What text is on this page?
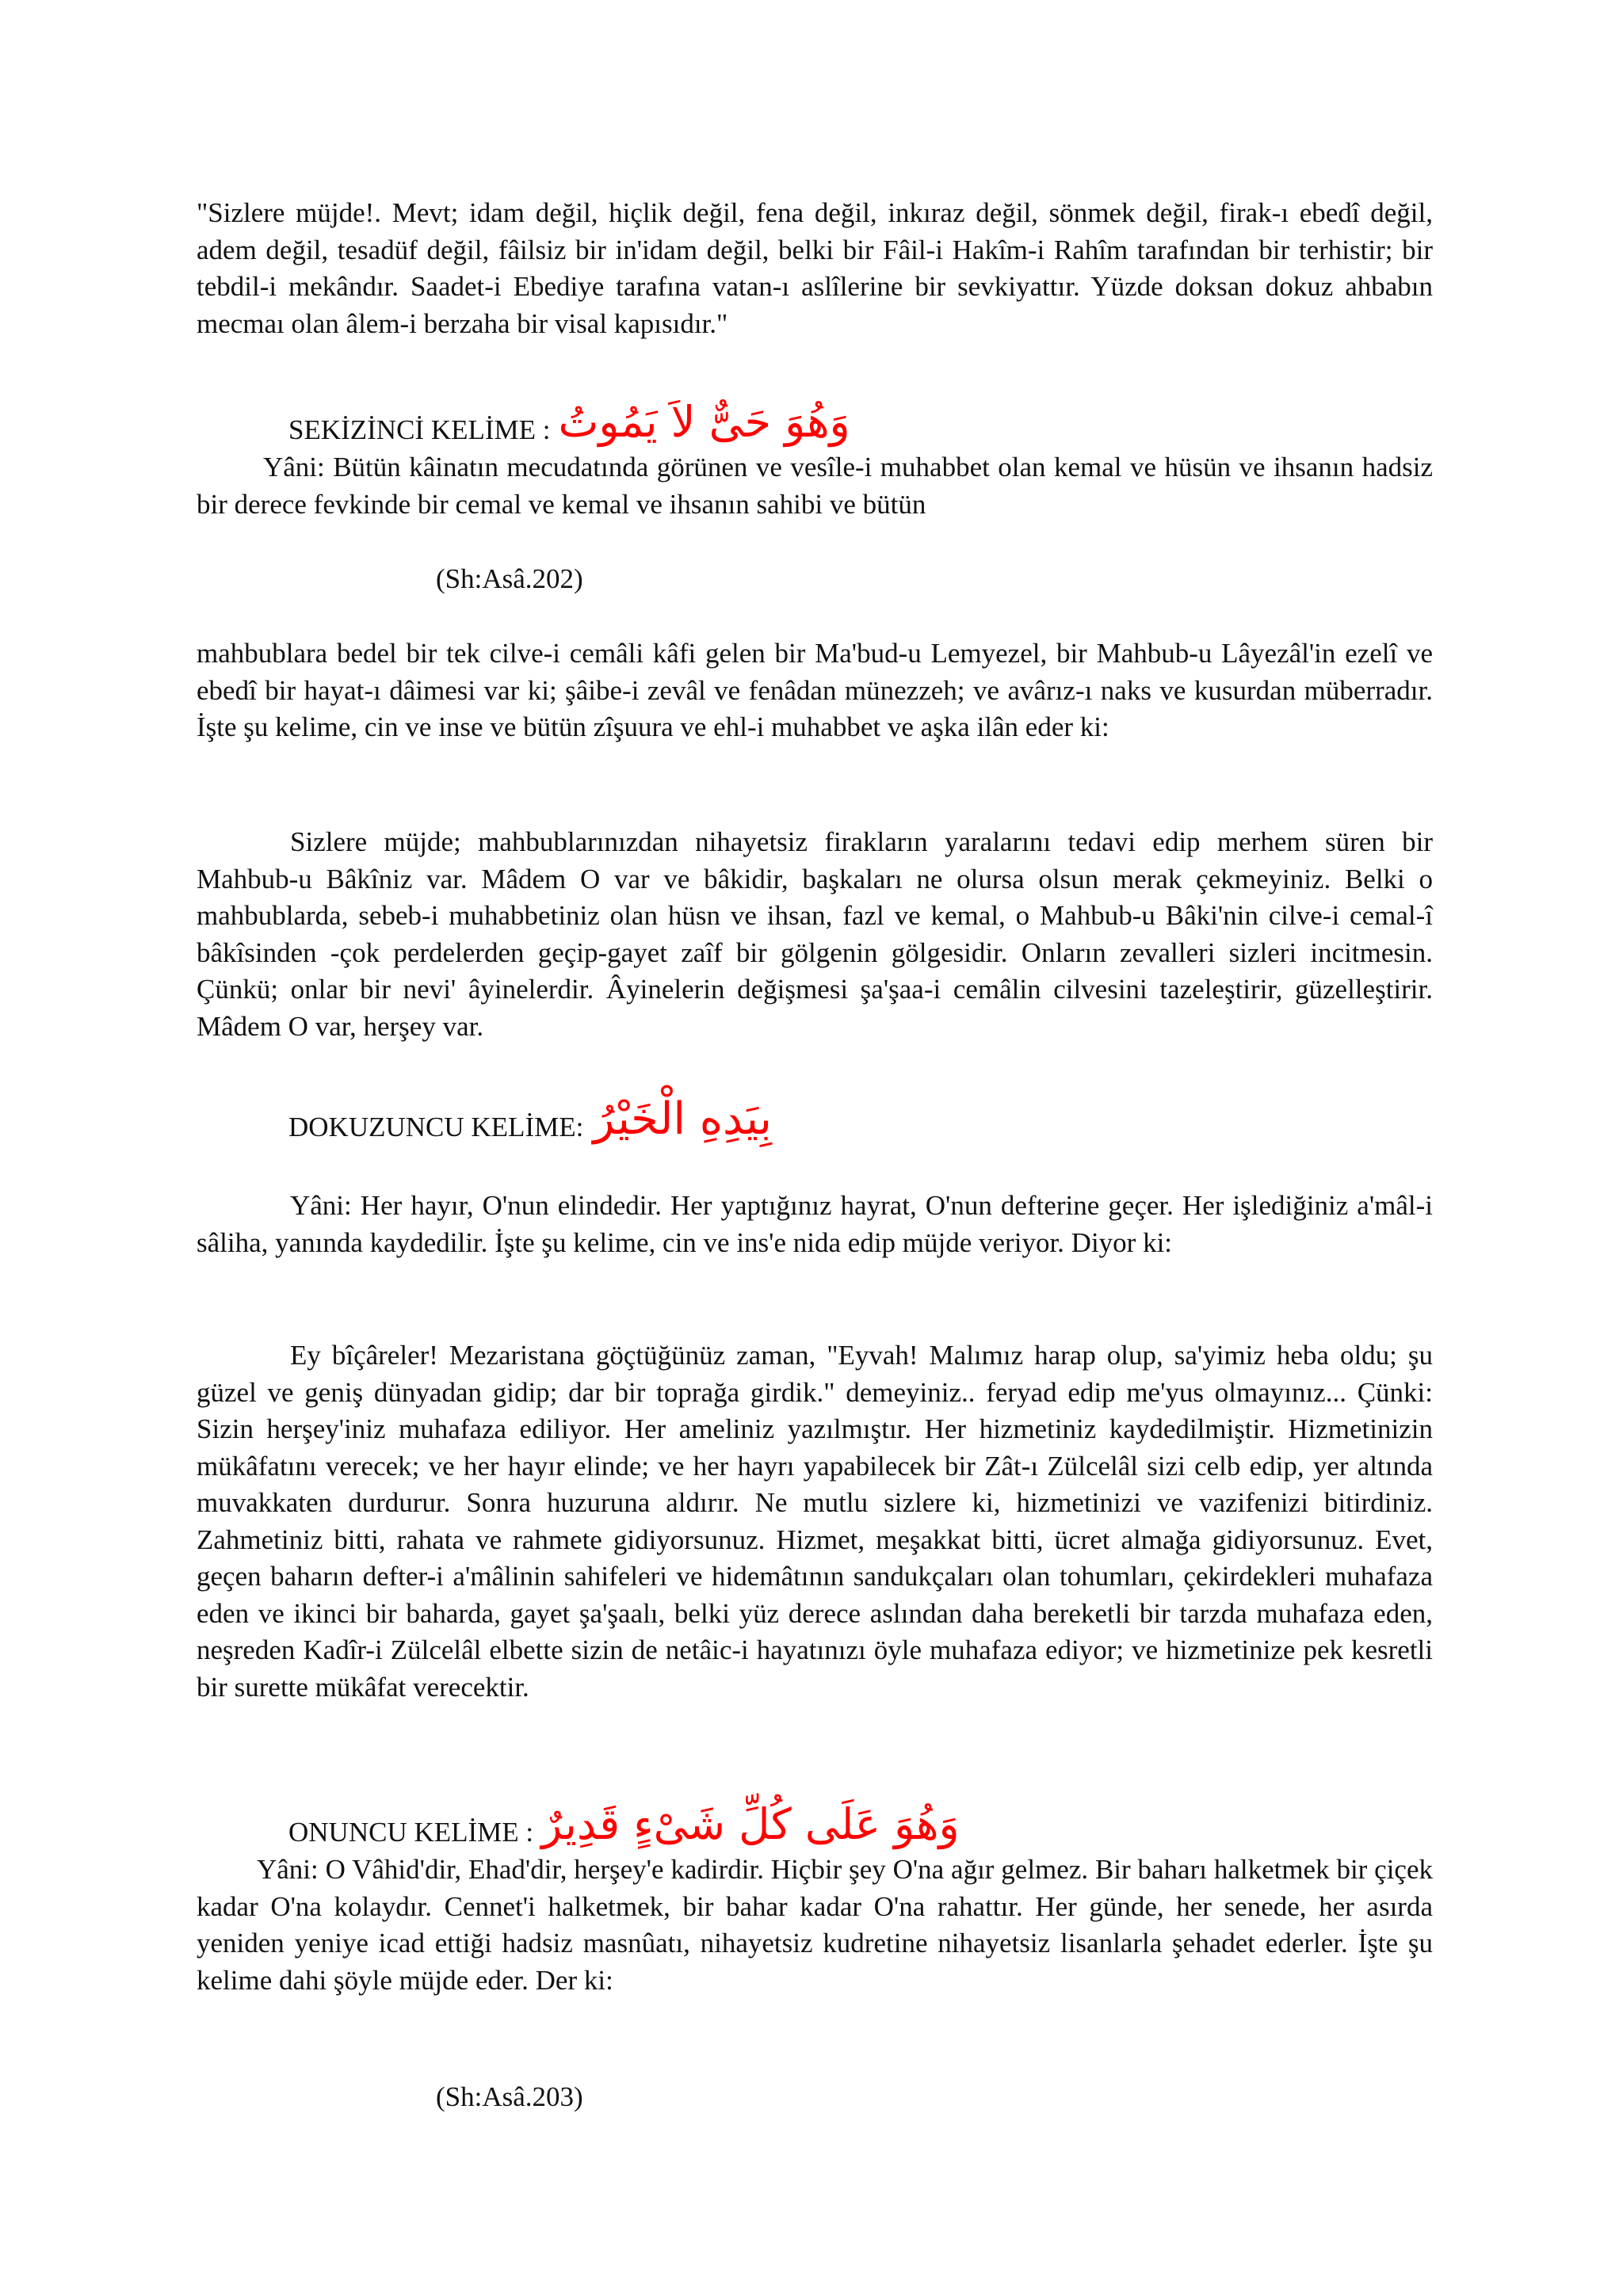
"Sizlere müjde!. Mevt; idam değil, hiçlik değil, fena değil, inkıraz değil, sönmek değil, firak-ı ebedî değil, adem değil, tesadüf değil, fâilsiz bir in'idam değil, belki bir Fâil-i Hakîm-i Rahîm tarafından bir terhistir; bir tebdil-i mekândır. Saadet-i Ebediye tarafına vatan-ı aslîlerine bir sevkiyattır. Yüzde doksan dokuz ahbabın mecmaı olan âlem-i berzaha bir visal kapısıdır."

SEKİZİNCİ KELİME : وَهُوَ حَىٌّ لاَ يَمُوتُ

Yâni: Bütün kâinatın mecudatında görünen ve vesîle-i muhabbet olan kemal ve hüsün ve ihsanın hadsiz bir derece fevkinde bir cemal ve kemal ve ihsanın sahibi ve bütün

(Sh:Asâ.202)

mahbublara bedel bir tek cilve-i cemâli kâfi gelen bir Ma'bud-u Lemyezel, bir Mahbub-u Lâyezâl'in ezelî ve ebedî bir hayat-ı dâimesi var ki; şâibe-i zevâl ve fenâdan münezzeh; ve avârız-ı naks ve kusurdan müberradır. İşte şu kelime, cin ve inse ve bütün zîşuura ve ehl-i muhabbet ve aşka ilân eder ki:

Sizlere müjde; mahbublarınızdan nihayetsiz firakların yaralarını tedavi edip merhem süren bir Mahbub-u Bâkîniz var. Mâdem O var ve bâkidir, başkaları ne olursa olsun merak çekmeyiniz. Belki o mahbublarda, sebeb-i muhabbetiniz olan hüsn ve ihsan, fazl ve kemal, o Mahbub-u Bâki'nin cilve-i cemal-î bâkîsinden -çok perdelerden geçip-gayet zaîf bir gölgenin gölgesidir. Onların zevalleri sizleri incitmesin. Çünkü; onlar bir nevi' âyinelerdir. Âyinelerin değişmesi şa'şaa-i cemâlin cilvesini tazeleştirir, güzelleştirir. Mâdem O var, herşey var.

DOKUZUNCU KELİME: بِيَدِهِ الْخَيْرُ

Yâni: Her hayır, O'nun elindedir. Her yaptığınız hayrat, O'nun defterine geçer. Her işlediğiniz a'mâl-i sâliha, yanında kaydedilir. İşte şu kelime, cin ve ins'e nida edip müjde veriyor. Diyor ki:

Ey bîçâreler! Mezaristana göçtüğünüz zaman, "Eyvah! Malımız harap olup, sa'yimiz heba oldu; şu güzel ve geniş dünyadan gidip; dar bir toprağa girdik." demeyiniz.. feryad edip me'yus olmayınız... Çünki: Sizin herşey'iniz muhafaza ediliyor. Her ameliniz yazılmıştır. Her hizmetiniz kaydedilmiştir. Hizmetinizin mükâfatını verecek; ve her hayır elinde; ve her hayrı yapabilecek bir Zât-ı Zülcelâl sizi celb edip, yer altında muvakkaten durdurur. Sonra huzuruna aldırır. Ne mutlu sizlere ki, hizmetinizi ve vazifenizi bitirdiniz. Zahmetiniz bitti, rahata ve rahmete gidiyorsunuz. Hizmet, meşakkat bitti, ücret almağa gidiyorsunuz. Evet, geçen baharın defter-i a'mâlinin sahifeleri ve hidemâtının sandukçaları olan tohumları, çekirdekleri muhafaza eden ve ikinci bir baharda, gayet şa'şaalı, belki yüz derece aslından daha bereketli bir tarzda muhafaza eden, neşreden Kadîr-i Zülcelâl elbette sizin de netâic-i hayatınızı öyle muhafaza ediyor; ve hizmetinize pek kesretli bir surette mükâfat verecektir.

ONUNCU KELİME : وَهُوَ عَلَى كُلِّ شَىْءٍ قَدِيرٌ

Yâni: O Vâhid'dir, Ehad'dir, herşey'e kadirdir. Hiçbir şey O'na ağır gelmez. Bir baharı halketmek bir çiçek kadar O'na kolaydır. Cennet'i halketmek, bir bahar kadar O'na rahattır. Her günde, her senede, her asırda yeniden yeniye icad ettiği hadsiz masnûatı, nihayetsiz kudretine nihayetsiz lisanlarla şehadet ederler. İşte şu kelime dahi şöyle müjde eder. Der ki:

(Sh:Asâ.203)
